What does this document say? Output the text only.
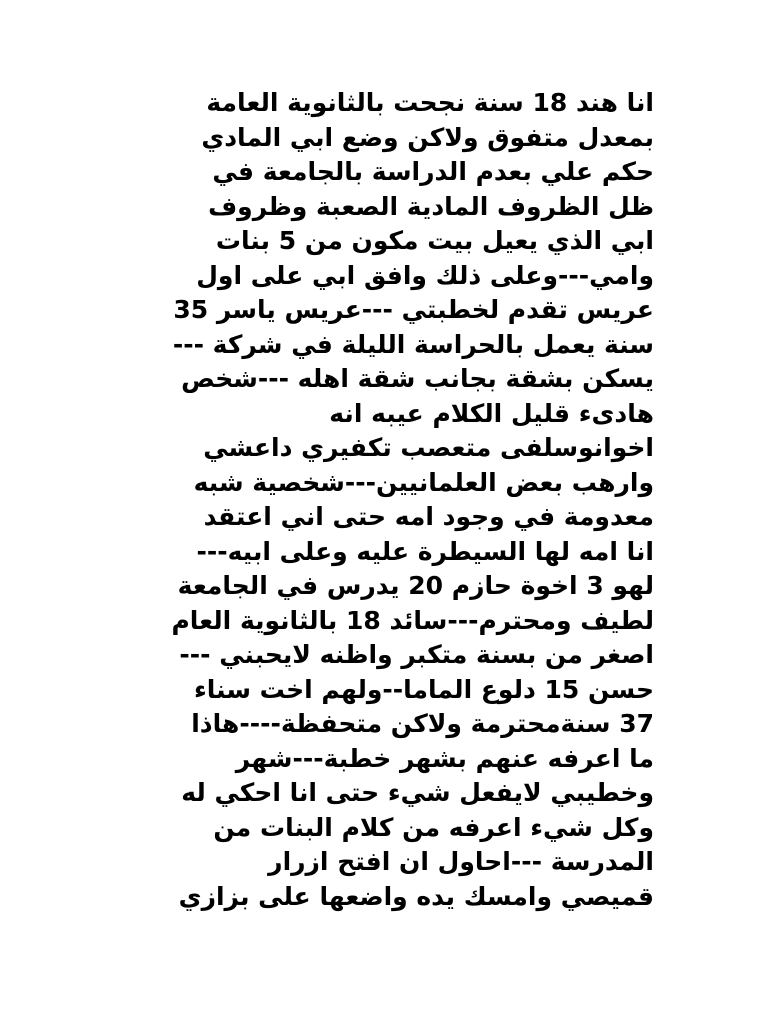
انا هند 18 سنة نجحت بالثانوية العامة
بمعدل متفوق ولاكن وضع ابي المادي
حكم علي بعدم الدراسة بالجامعة في
ظل الظروف المادية الصعبة وظروف
ابي الذي يعيل بيت مكون من 5 بنات
وامي---وعلى ذلك وافق ابي على اول
عريس تقدم لخطبتي ---عريس ياسر 35
سنة يعمل بالحراسة الليلة في شركة ---
يسكن بشقة بجانب شقة اهله ---شخص
هادىء قليل الكلام عيبه انه
اخوانوسلفى متعصب تكفيري داعشي
وارهب بعض العلمانيين---شخصية شبه
معدومة في وجود امه حتى اني اعتقد
انا امه لها السيطرة عليه وعلى ابيه---
لهو 3 اخوة حازم 20 يدرس في الجامعة
لطيف ومحترم---سائد 18 بالثانوية العام
اصغر من بسنة متكبر واظنه لايحبني ---
حسن 15 دلوع الماما--ولهم اخت سناء
37 سنةمحترمة ولاكن متحفظة----هاذا
ما اعرفه عنهم بشهر خطبة---شهر
وخطيبي لايفعل شيء حتى انا احكي له
وكل شيء اعرفه من كلام البنات من
المدرسة ---احاول ان افتح ازرار
قميصي وامسك يده واضعها على بزازي
